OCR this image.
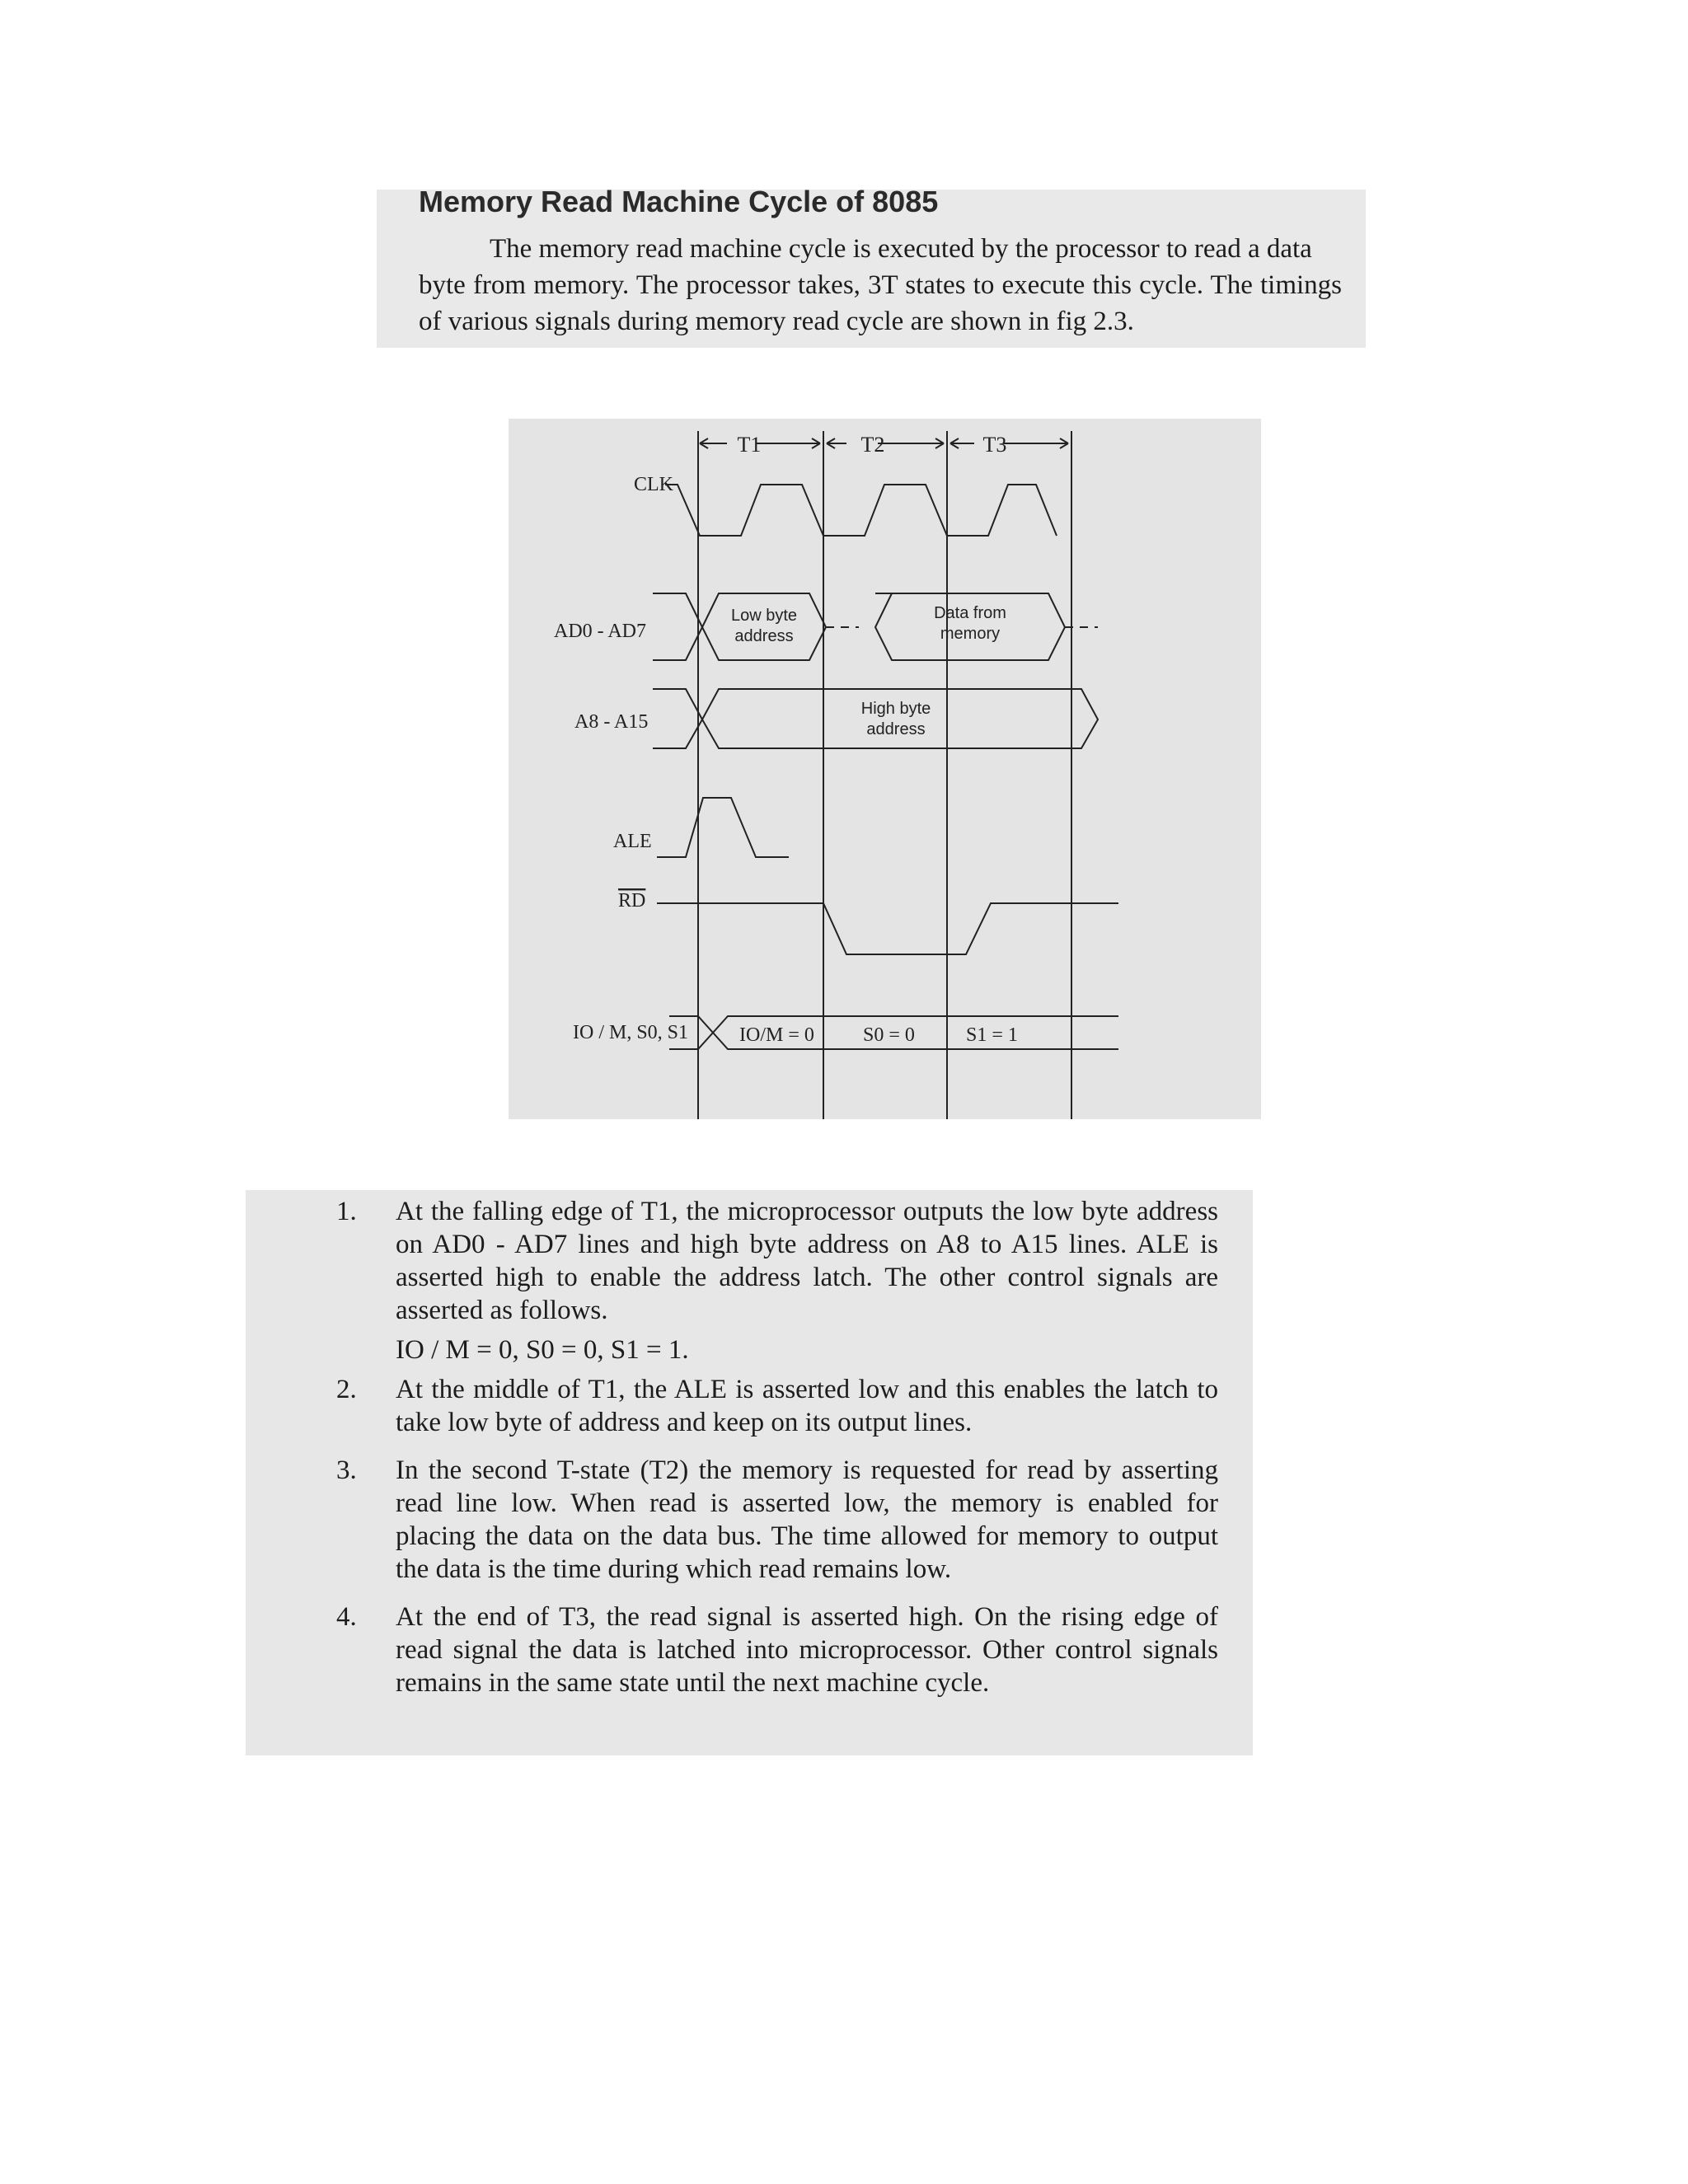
Memory Read Machine Cycle of 8085

The memory read machine cycle is executed by the processor to read a data
byte from memory. The processor takes, 3T states to execute this cycle. The timings of various signals during memory read cycle are shown in fig 2.3.

T1	T2	T3
CLK
AD0 - AD7
Low byte
address
Data from
memory
A8 - A15
High byte
address
ALE
RD
IO / M, S0, S1	IO/M = 0 S0 = 0	S1 = 1
1. At the falling edge of T1, the microprocessor outputs the low byte address on AD0 - AD7 lines and high byte address on A8 to A15 lines. ALE is asserted high to enable the address latch. The other control signals are asserted as follows.
IO / M = 0, S0 = 0, S1 = 1.
2. At the middle of T1, the ALE is asserted low and this enables the latch to take low byte of address and keep on its output lines.
3. In the second T-state (T2) the memory is requested for read by asserting read line low. When read is asserted low, the memory is enabled for placing the data on the data bus. The time allowed for memory to output the data is the time during which read remains low.
4. At the end of T3, the read signal is asserted high. On the rising edge of read signal the data is latched into microprocessor. Other control signals remains in the same state until the next machine cycle.
